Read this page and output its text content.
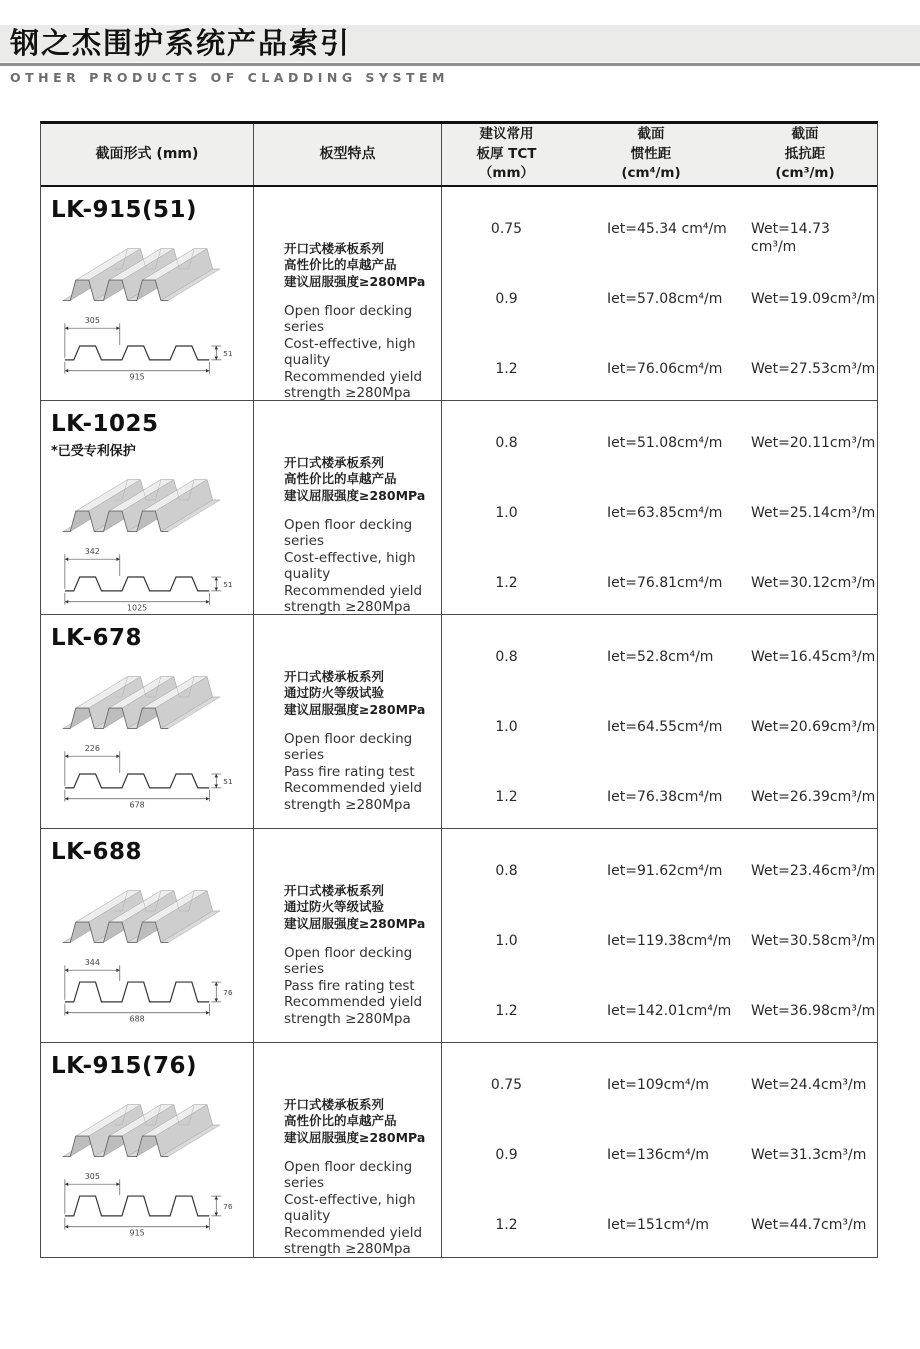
钢之杰围护系统产品索引
OTHER PRODUCTS OF CLADDING SYSTEM
截面形式 (mm)	板型特点
建议常用
板厚 TCT
（mm）
截面
惯性距
(cm⁴/m)
截面
抵抗距
(cm³/m)
LK-915(51)
305
51
915
开口式楼承板系列
高性价比的卓越产品
建议屈服强度≥280MPa
Open floor decking series
Cost-effective, high quality
Recommended yield strength ≥280Mpa
0.75
0.9
1.2
Iet=45.34 cm⁴/m
Iet=57.08cm⁴/m
Iet=76.06cm⁴/m
Wet=14.73 cm³/m
Wet=19.09cm³/m
Wet=27.53cm³/m
LK-1025
*已受专利保护
342
51
1025
开口式楼承板系列
高性价比的卓越产品
建议屈服强度≥280MPa
Open floor decking series
Cost-effective, high quality
Recommended yield strength ≥280Mpa
0.8
1.0
1.2
Iet=51.08cm⁴/m
Iet=63.85cm⁴/m
Iet=76.81cm⁴/m
Wet=20.11cm³/m
Wet=25.14cm³/m
Wet=30.12cm³/m
LK-678
226
51
678
开口式楼承板系列
通过防火等级试验
建议屈服强度≥280MPa
Open floor decking series
Pass fire rating test
Recommended yield strength ≥280Mpa
0.8
1.0
1.2
Iet=52.8cm⁴/m
Iet=64.55cm⁴/m
Iet=76.38cm⁴/m
Wet=16.45cm³/m
Wet=20.69cm³/m
Wet=26.39cm³/m
LK-688
344
76
688
开口式楼承板系列
通过防火等级试验
建议屈服强度≥280MPa
Open floor decking series
Pass fire rating test
Recommended yield strength ≥280Mpa
0.8
1.0
1.2
Iet=91.62cm⁴/m
Iet=119.38cm⁴/m
Iet=142.01cm⁴/m
Wet=23.46cm³/m
Wet=30.58cm³/m
Wet=36.98cm³/m
LK-915(76)
305
76
915
开口式楼承板系列
高性价比的卓越产品
建议屈服强度≥280MPa
Open floor decking series
Cost-effective, high quality
Recommended yield strength ≥280Mpa
0.75
0.9
1.2
Iet=109cm⁴/m
Iet=136cm⁴/m
Iet=151cm⁴/m
Wet=24.4cm³/m
Wet=31.3cm³/m
Wet=44.7cm³/m
